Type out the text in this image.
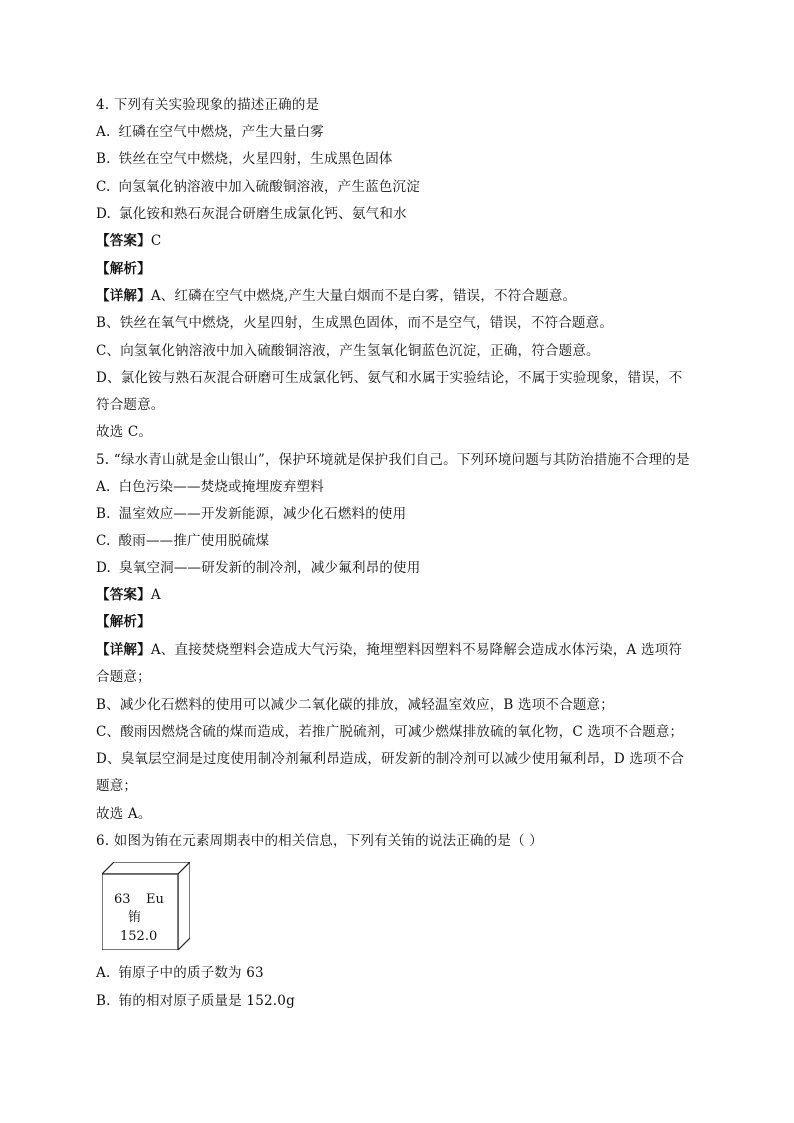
4. 下列有关实验现象的描述正确的是
A. 红磷在空气中燃烧，产生大量白雾
B. 铁丝在空气中燃烧，火星四射，生成黑色固体
C. 向氢氧化钠溶液中加入硫酸铜溶液，产生蓝色沉淀
D. 氯化铵和熟石灰混合研磨生成氯化钙、氨气和水
【答案】C
【解析】
【详解】A、红磷在空气中燃烧,产生大量白烟而不是白雾，错误，不符合题意。
B、铁丝在氧气中燃烧，火星四射，生成黑色固体，而不是空气，错误，不符合题意。
C、向氢氧化钠溶液中加入硫酸铜溶液，产生氢氧化铜蓝色沉淀，正确，符合题意。
D、氯化铵与熟石灰混合研磨可生成氯化钙、氨气和水属于实验结论，不属于实验现象，错误，不
符合题意。
故选 C。
5. “绿水青山就是金山银山”，保护环境就是保护我们自己。下列环境问题与其防治措施不合理的是
A. 白色污染——焚烧或掩埋废弃塑料
B. 温室效应——开发新能源，减少化石燃料的使用
C. 酸雨——推广使用脱硫煤
D. 臭氧空洞——研发新的制冷剂，减少氟利昂的使用
【答案】A
【解析】
【详解】A、直接焚烧塑料会造成大气污染，掩埋塑料因塑料不易降解会造成水体污染，A 选项符
合题意；
B、减少化石燃料的使用可以减少二氧化碳的排放，减轻温室效应，B 选项不合题意；
C、酸雨因燃烧含硫的煤而造成，若推广脱硫剂，可减少燃煤排放硫的氧化物，C 选项不合题意；
D、臭氧层空洞是过度使用制冷剂氟利昂造成，研发新的制冷剂可以减少使用氟利昂，D 选项不合
题意；
故选 A。
6. 如图为铕在元素周期表中的相关信息，下列有关铕的说法正确的是（ ）
63 Eu
铕
152.0
A. 铕原子中的质子数为 63
B. 铕的相对原子质量是 152.0g
